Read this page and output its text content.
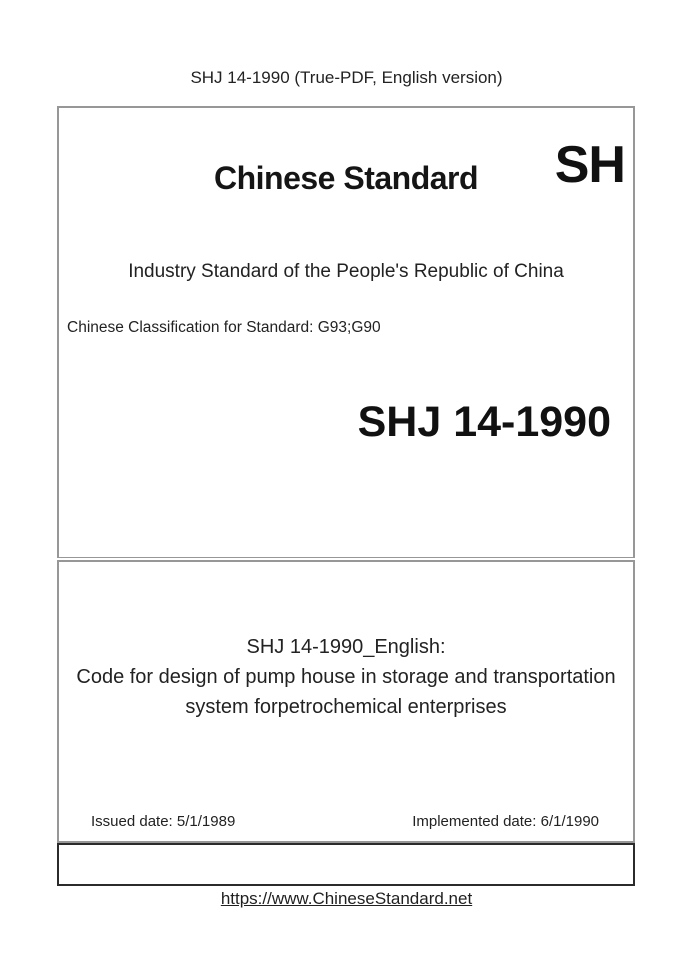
SHJ 14-1990 (True-PDF, English version)
Chinese Standard	SH
Industry Standard of the People's Republic of China
Chinese Classification for Standard: G93;G90
SHJ 14-1990
SHJ 14-1990_English:
Code for design of pump house in storage and transportation
system forpetrochemical enterprises
Issued date: 5/1/1989	Implemented date: 6/1/1990
https://www.ChineseStandard.net
